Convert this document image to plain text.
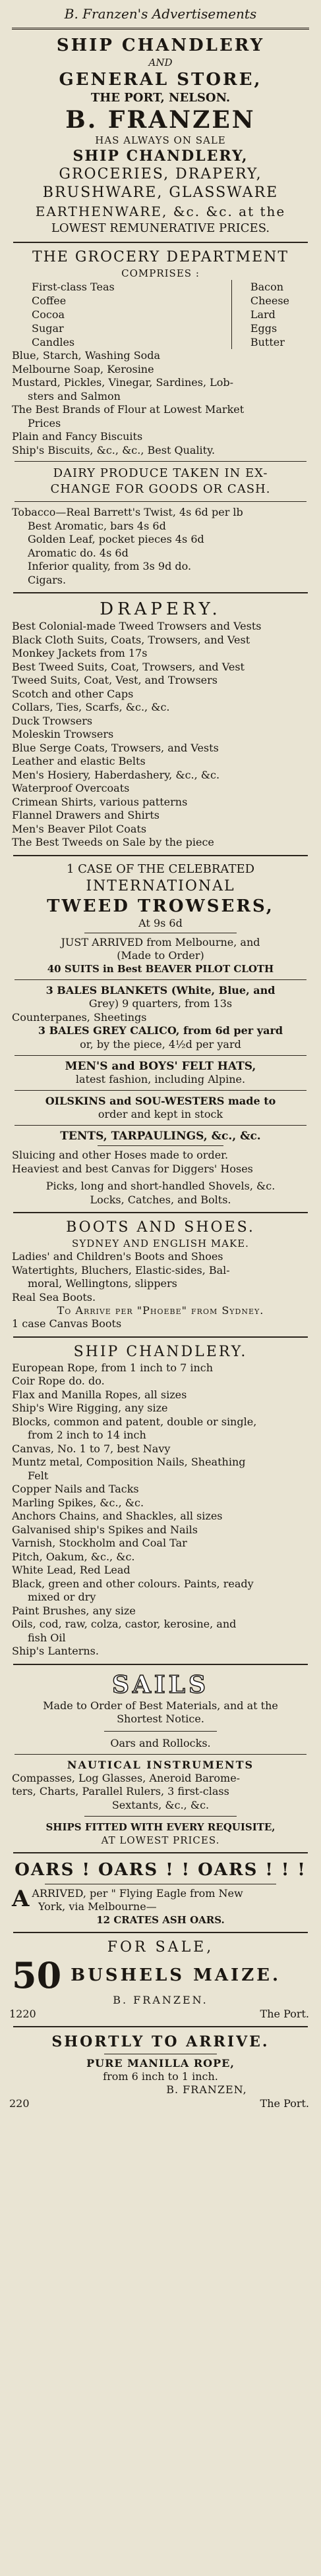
B. Franzen's Advertisements
SHIP CHANDLERY
AND
GENERAL STORE,
THE PORT, NELSON.
B. FRANZEN
HAS ALWAYS ON SALE
SHIP CHANDLERY,
GROCERIES, DRAPERY,
BRUSHWARE, GLASSWARE
EARTHENWARE, &c. &c. at the
LOWEST REMUNERATIVE PRICES.
THE GROCERY DEPARTMENT
COMPRISES :
First-class Teas
Coffee
Cocoa
Sugar
Candles
Bacon
Cheese
Lard
Eggs
Butter
Blue, Starch, Washing Soda
Melbourne Soap, Kerosine
Mustard, Pickles, Vinegar, Sardines, Lob-
sters and Salmon
The Best Brands of Flour at Lowest Market
Prices
Plain and Fancy Biscuits
Ship's Biscuits, &c., &c., Best Quality.
DAIRY PRODUCE TAKEN IN EX-
CHANGE FOR GOODS OR CASH.
Tobacco—Real Barrett's Twist, 4s 6d per lb
Best Aromatic, bars 4s 6d
Golden Leaf, pocket pieces 4s 6d
Aromatic do. 4s 6d
Inferior quality, from 3s 9d do.
Cigars.
DRAPERY.
Best Colonial-made Tweed Trowsers and Vests
Black Cloth Suits, Coats, Trowsers, and Vest
Monkey Jackets from 17s
Best Tweed Suits, Coat, Trowsers, and Vest
Tweed Suits, Coat, Vest, and Trowsers
Scotch and other Caps
Collars, Ties, Scarfs, &c., &c.
Duck Trowsers
Moleskin Trowsers
Blue Serge Coats, Trowsers, and Vests
Leather and elastic Belts
Men's Hosiery, Haberdashery, &c., &c.
Waterproof Overcoats
Crimean Shirts, various patterns
Flannel Drawers and Shirts
Men's Beaver Pilot Coats
The Best Tweeds on Sale by the piece
1 CASE OF THE CELEBRATED
INTERNATIONAL
TWEED TROWSERS,
At 9s 6d
JUST ARRIVED from Melbourne, and
(Made to Order)
40 SUITS in Best BEAVER PILOT CLOTH
3 BALES BLANKETS (White, Blue, and
Grey) 9 quarters, from 13s
Counterpanes, Sheetings
3 BALES GREY CALICO, from 6d per yard
or, by the piece, 4½d per yard
MEN'S and BOYS' FELT HATS,
latest fashion, including Alpine.
OILSKINS and SOU-WESTERS made to
order and kept in stock
TENTS, TARPAULINGS, &c., &c.
Sluicing and other Hoses made to order.
Heaviest and best Canvas for Diggers' Hoses
Picks, long and short-handled Shovels, &c.
Locks, Catches, and Bolts.
BOOTS AND SHOES.
SYDNEY AND ENGLISH MAKE.
Ladies' and Children's Boots and Shoes
Watertights, Bluchers, Elastic-sides, Bal-
moral, Wellingtons, slippers
Real Sea Boots.
To Arrive per "Phoebe" from Sydney.
1 case Canvas Boots
SHIP CHANDLERY.
European Rope, from 1 inch to 7 inch
Coir Rope do. do.
Flax and Manilla Ropes, all sizes
Ship's Wire Rigging, any size
Blocks, common and patent, double or single,
from 2 inch to 14 inch
Canvas, No. 1 to 7, best Navy
Muntz metal, Composition Nails, Sheathing
Felt
Copper Nails and Tacks
Marling Spikes, &c., &c.
Anchors Chains, and Shackles, all sizes
Galvanised ship's Spikes and Nails
Varnish, Stockholm and Coal Tar
Pitch, Oakum, &c., &c.
White Lead, Red Lead
Black, green and other colours. Paints, ready
mixed or dry
Paint Brushes, any size
Oils, cod, raw, colza, castor, kerosine, and
fish Oil
Ship's Lanterns.
SAILS
Made to Order of Best Materials, and at the
Shortest Notice.
Oars and Rollocks.
NAUTICAL INSTRUMENTS
Compasses, Log Glasses, Aneroid Barome-
ters, Charts, Parallel Rulers, 3 first-class
Sextants, &c., &c.
SHIPS FITTED WITH EVERY REQUISITE,
AT LOWEST PRICES.
OARS ! OARS ! ! OARS ! ! !
A ARRIVED, per " Flying Eagle from New
York, via Melbourne—
12 CRATES ASH OARS.
FOR SALE,
50 BUSHELS MAIZE.
B. FRANZEN.
1220	The Port.
SHORTLY TO ARRIVE.
PURE MANILLA ROPE,
from 6 inch to 1 inch.
B. FRANZEN,
220	The Port.
